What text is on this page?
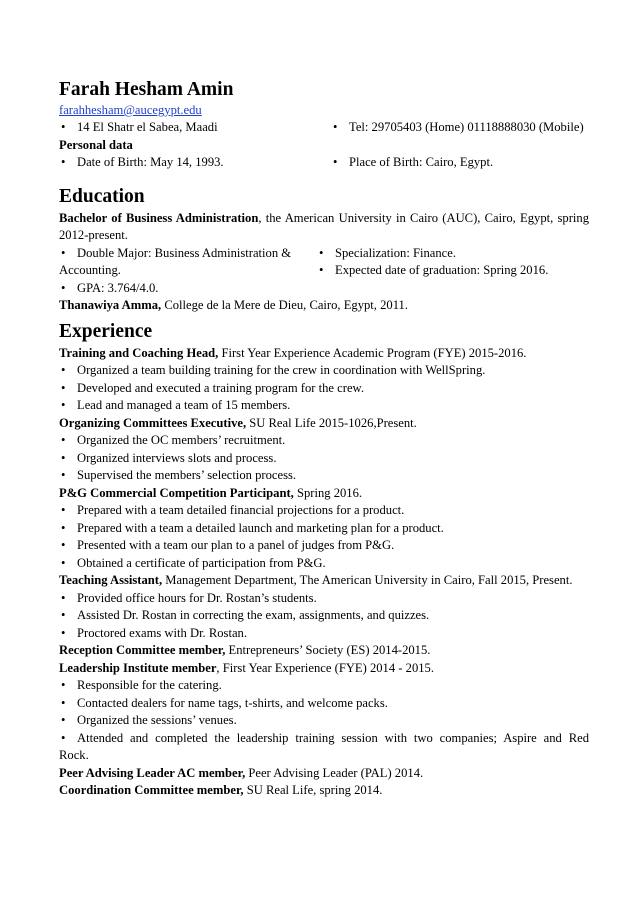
Farah Hesham Amin
farahhesham@aucegypt.edu
• 14 El Shatr el Sabea, Maadi	• Tel: 29705403 (Home) 01118888030 (Mobile)
Personal data
• Date of Birth: May 14, 1993.	• Place of Birth: Cairo, Egypt.
Education
Bachelor of Business Administration, the American University in Cairo (AUC), Cairo, Egypt, spring
2012-present.
• Double Major: Business Administration &
Accounting.
• Specialization: Finance.
• Expected date of graduation: Spring 2016.
• GPA: 3.764/4.0.
Thanawiya Amma, College de la Mere de Dieu, Cairo, Egypt, 2011.
Experience
Training and Coaching Head, First Year Experience Academic Program (FYE) 2015-2016.
• Organized a team building training for the crew in coordination with WellSpring.
• Developed and executed a training program for the crew.
• Lead and managed a team of 15 members.
Organizing Committees Executive, SU Real Life 2015-1026,Present.
• Organized the OC members’ recruitment.
• Organized interviews slots and process.
• Supervised the members’ selection process.
P&G Commercial Competition Participant, Spring 2016.
• Prepared with a team detailed financial projections for a product.
• Prepared with a team a detailed launch and marketing plan for a product.
• Presented with a team our plan to a panel of judges from P&G.
• Obtained a certificate of participation from P&G.
Teaching Assistant, Management Department, The American University in Cairo, Fall 2015, Present.
• Provided office hours for Dr. Rostan’s students.
• Assisted Dr. Rostan in correcting the exam, assignments, and quizzes.
• Proctored exams with Dr. Rostan.
Reception Committee member, Entrepreneurs’ Society (ES) 2014-2015.
Leadership Institute member, First Year Experience (FYE) 2014 - 2015.
• Responsible for the catering.
• Contacted dealers for name tags, t-shirts, and welcome packs.
• Organized the sessions’ venues.
• Attended and completed the leadership training session with two companies; Aspire and Red
Rock.
Peer Advising Leader AC member, Peer Advising Leader (PAL) 2014.
Coordination Committee member, SU Real Life, spring 2014.
